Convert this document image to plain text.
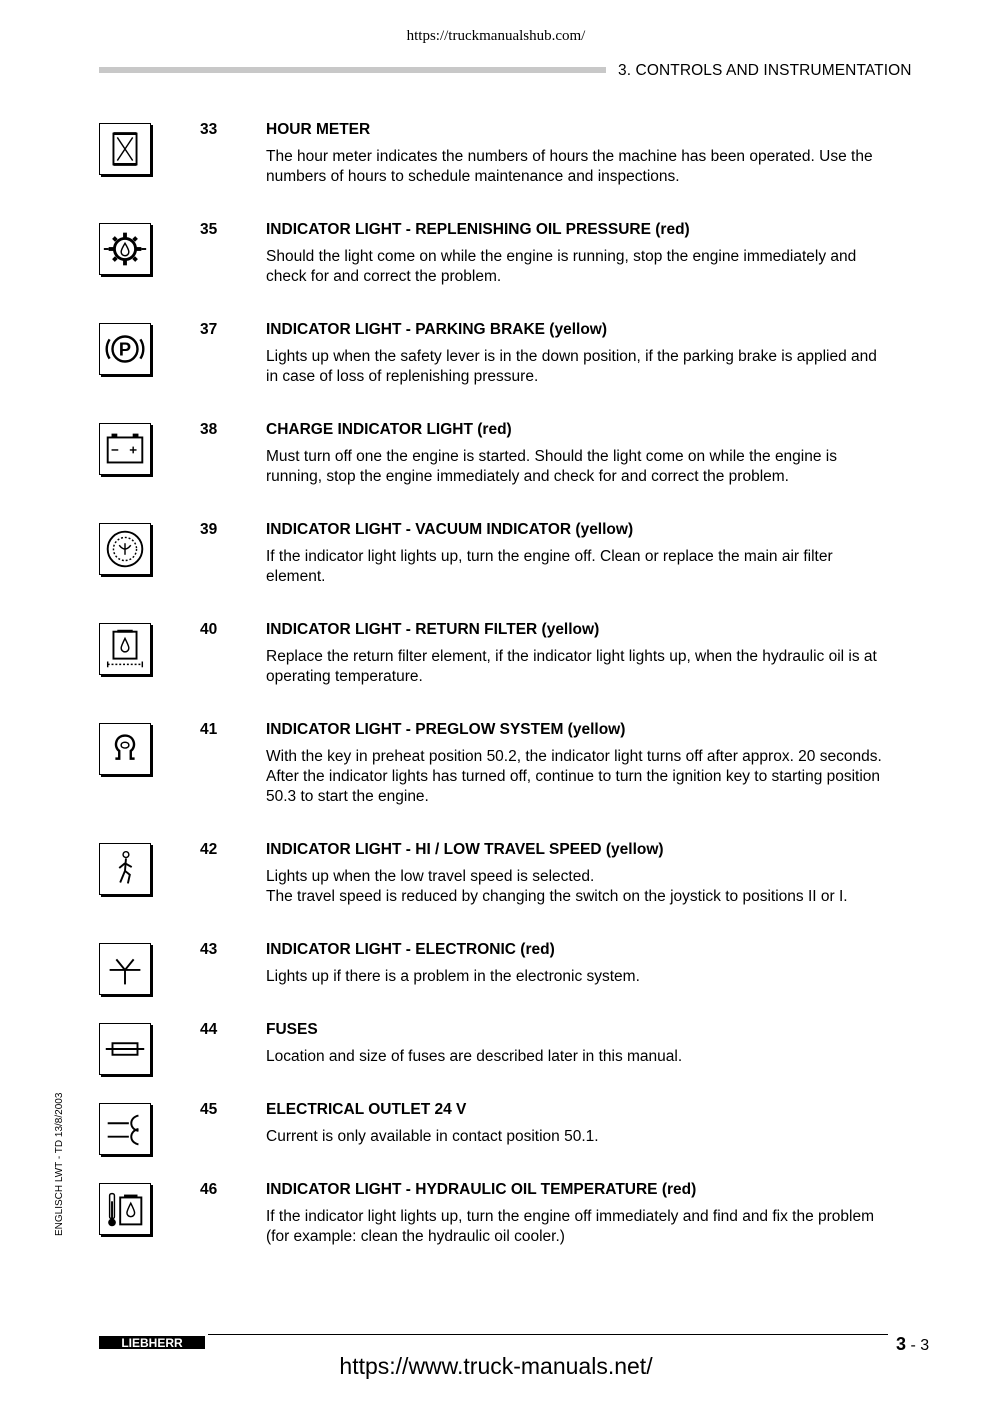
https://truckmanualshub.com/
3. CONTROLS AND INSTRUMENTATION
33	HOUR METER
The hour meter indicates the numbers of hours the machine has been operated. Use the
numbers of hours to schedule maintenance and inspections.
35	INDICATOR LIGHT - REPLENISHING OIL PRESSURE (red)
Should the light come on while the engine is running, stop the engine immediately and
check for and correct the problem.
P
37	INDICATOR LIGHT - PARKING BRAKE (yellow)
Lights up when the safety lever is in the down position, if the parking brake is applied and
in case of loss of replenishing pressure.
38	CHARGE INDICATOR LIGHT (red)
Must turn off one the engine is started. Should the light come on while the engine is
running, stop the engine immediately and check for and correct the problem.
39	INDICATOR LIGHT - VACUUM INDICATOR (yellow)
If the indicator light lights up, turn the engine off. Clean or replace the main air filter
element.
40	INDICATOR LIGHT - RETURN FILTER (yellow)
Replace the return filter element, if the indicator light lights up, when the hydraulic oil is at
operating temperature.
41	INDICATOR LIGHT - PREGLOW SYSTEM (yellow)
With the key in preheat position 50.2, the indicator light turns off after approx. 20 seconds.
After the indicator lights has turned off, continue to turn the ignition key to starting position
50.3 to start the engine.
42	INDICATOR LIGHT - HI / LOW TRAVEL SPEED (yellow)
Lights up when the low travel speed is selected.
The travel speed is reduced by changing the switch on the joystick to positions II or I.
43	INDICATOR LIGHT - ELECTRONIC (red)
Lights up if there is a problem in the electronic system.
44	FUSES
Location and size of fuses are described later in this manual.
45	ELECTRICAL OUTLET 24 V
Current is only available in contact position 50.1.
46	INDICATOR LIGHT - HYDRAULIC OIL TEMPERATURE (red)
If the indicator light lights up, turn the engine off immediately and find and fix the problem
(for example: clean the hydraulic oil cooler.)
ENGLISCH LWT - TD 13/8/2003
LIEBHERR	3 - 3
https://www.truck-manuals.net/
